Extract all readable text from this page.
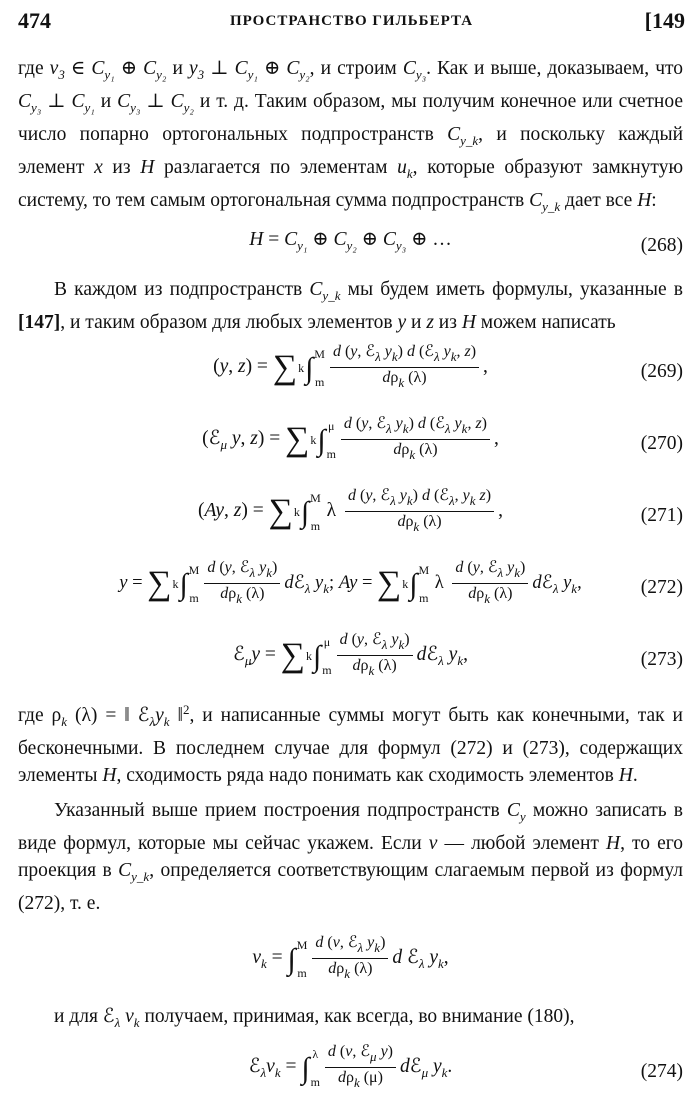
474	ПРОСТРАНСТВО ГИЛЬБЕРТА	[149

где $v_3$ ∈ $C_{y_1}$ ⊕ $C_{y_2}$ и $y_3$ ⊥ $C_{y_1}$ ⊕ $C_{y_2}$, и строим $C_{y_3}$. Как и выше, доказываем, что $C_{y_3}$ ⊥ $C_{y_1}$ и $C_{y_3}$ ⊥ $C_{y_2}$ и т. д. Таким образом, мы получим конечное или счетное число попарно ортогональных подпространств $C_{y\_k}$, и поскольку каждый элемент x из H разлагается по элементам $u_k$, которые образуют замкнутую систему, то тем самым ортогональная сумма подпространств $C_{y\_k}$ дает все H:

$H = C_{y_1}$ ⊕ $C_{y_2}$ ⊕ $C_{y_3}$ ⊕ …	(268)

В каждом из подпространств $C_{y\_k}$ мы будем иметь формулы, указанные в [147], и таким образом для любых элементов y и z из H можем написать

(y, z) = ∑k∫M

m $\frac{d (y, ℰ_\lambda y_k) d (ℰ_\lambda y_k, z)}{d\rho_k (\lambda)}$ ,	(269)
(ℰ$_\mu$ y, z) = ∑k∫ μ

m $\frac{d (y, ℰ_\lambda y_k) d (ℰ_\lambda y_k, z)}{d\rho_k (\lambda)}$ ,	(270)
(Ay, z) = ∑k∫M

m λ $\frac{d (y, ℰ_\lambda y_k) d (ℰ_\lambda, y_k z)}{d\rho_k (\lambda)}$ ,	(271)
y = ∑k∫M

m $\frac{d (y, ℰ_\lambda y_k)}{d\rho_k (\lambda)}$ dℰ$_\lambda$ $y_k$; Ay = ∑k∫M

m λ $\frac{d (y, ℰ_\lambda y_k)}{d\rho_k (\lambda)}$ dℰ$_\lambda$ $y_k$,	(272)
ℰ$_\mu$y = ∑k∫ μ

m $\frac{d (y, ℰ_\lambda y_k)}{d\rho_k (\lambda)}$ dℰ$_\lambda$ $y_k$,	(273)

где $\rho_k$ (λ) = ‖ $ℰ_\lambda y_k$ ‖$^2$, и написанные суммы могут быть как конечными, так и бесконечными. В последнем случае для формул (272) и (273), содержащих элементы H, сходимость ряда надо понимать как сходимость элементов H.

Указанный выше прием построения подпространств $C_y$ можно записать в виде формул, которые мы сейчас укажем. Если v — любой элемент H, то его проекция в $C_{y\_k}$, определяется соответствующим слагаемым первой из формул (272), т. е.

$v_k = \int M$

m $\frac{d (v, ℰ_\lambda y_k)}{d\rho_k (\lambda)}$ d ℰ$_\lambda$ $y_k$,

и для ℰ$_\lambda$ $v_k$ получаем, принимая, как всегда, во внимание (180),

$ℰ_\lambda v_k$ = ∫ λ

m $\frac{d (v, ℰ_\mu y)}{d\rho_k (\mu)}$ dℰ$_\mu$ $y_k$.	(274)
